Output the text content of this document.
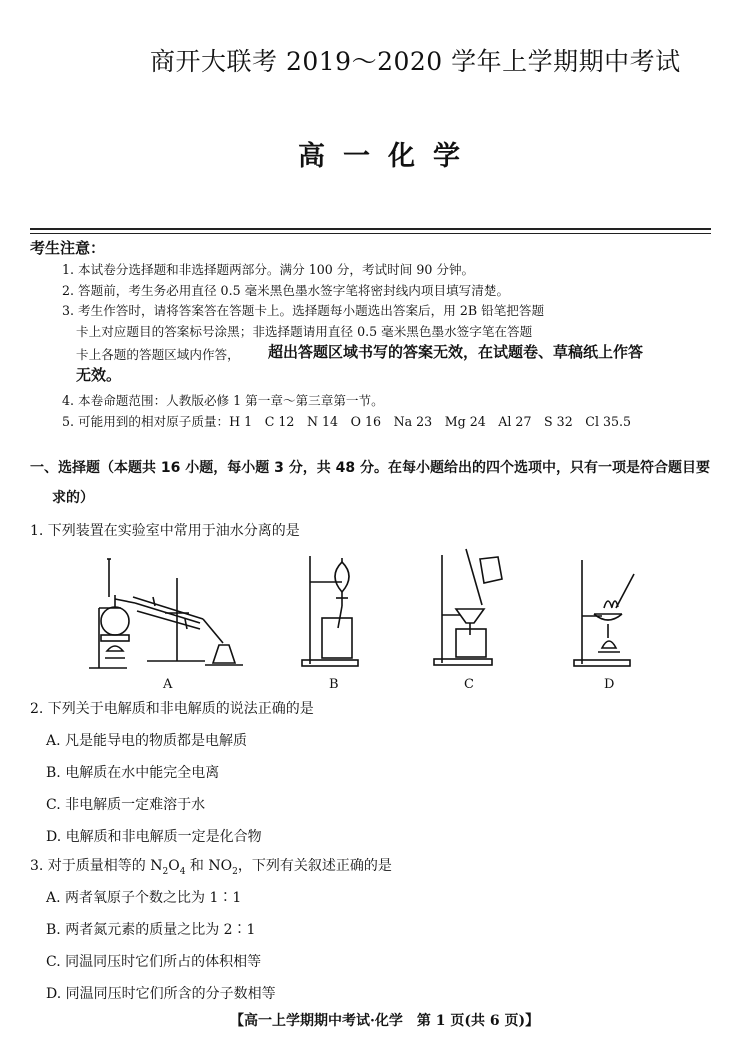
商开大联考 2019～2020 学年上学期期中考试
高一化学
考生注意：
1. 本试卷分选择题和非选择题两部分。满分 100 分，考试时间 90 分钟。
2. 答题前，考生务必用直径 0.5 毫米黑色墨水签字笔将密封线内项目填写清楚。
3. 考生作答时，请将答案答在答题卡上。选择题每小题选出答案后，用 2B 铅笔把答题
卡上对应题目的答案标号涂黑；非选择题请用直径 0.5 毫米黑色墨水签字笔在答题
卡上各题的答题区域内作答， 超出答题区域书写的答案无效，在试题卷、草稿纸上作答
无效。
4. 本卷命题范围：人教版必修 1 第一章～第三章第一节。
5. 可能用到的相对原子质量：H 1　C 12　N 14　O 16　Na 23　Mg 24　Al 27　S 32　Cl 35.5
一、选择题（本题共 16 小题，每小题 3 分，共 48 分。在每小题给出的四个选项中，只有一项是符合题目要
求的）
1. 下列装置在实验室中常用于油水分离的是
A	B	C	D
2. 下列关于电解质和非电解质的说法正确的是
A. 凡是能导电的物质都是电解质
B. 电解质在水中能完全电离
C. 非电解质一定难溶于水
D. 电解质和非电解质一定是化合物
3. 对于质量相等的 $N_2O_4$ 和 $NO_2$，下列有关叙述正确的是
A. 两者氧原子个数之比为 1∶1
B. 两者氮元素的质量之比为 2∶1
C. 同温同压时它们所占的体积相等
D. 同温同压时它们所含的分子数相等
【高一上学期期中考试·化学　第 1 页(共 6 页)】
